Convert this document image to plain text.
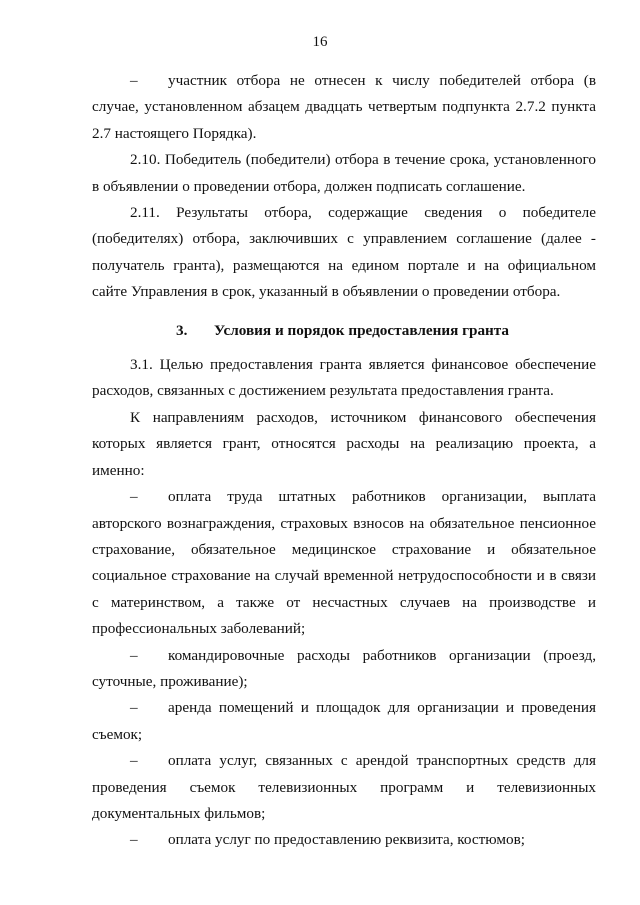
16

– участник отбора не отнесен к числу победителей отбора (в случае, установленном абзацем двадцать четвертым подпункта 2.7.2 пункта 2.7 настоящего Порядка).

2.10. Победитель (победители) отбора в течение срока, установленного в объявлении о проведении отбора, должен подписать соглашение.

2.11. Результаты отбора, содержащие сведения о победителе (победителях) отбора, заключивших с управлением соглашение (далее - получатель гранта), размещаются на едином портале и на официальном сайте Управления в срок, указанный в объявлении о проведении отбора.

3. Условия и порядок предоставления гранта

3.1. Целью предоставления гранта является финансовое обеспечение расходов, связанных с достижением результата предоставления гранта.

К направлениям расходов, источником финансового обеспечения которых является грант, относятся расходы на реализацию проекта, а именно:

– оплата труда штатных работников организации, выплата авторского вознаграждения, страховых взносов на обязательное пенсионное страхование, обязательное медицинское страхование и обязательное социальное страхование на случай временной нетрудоспособности и в связи с материнством, а также от несчастных случаев на производстве и профессиональных заболеваний;

– командировочные расходы работников организации (проезд, суточные, проживание);

– аренда помещений и площадок для организации и проведения съемок;

– оплата услуг, связанных с арендой транспортных средств для проведения съемок телевизионных программ и телевизионных документальных фильмов;

– оплата услуг по предоставлению реквизита, костюмов;
